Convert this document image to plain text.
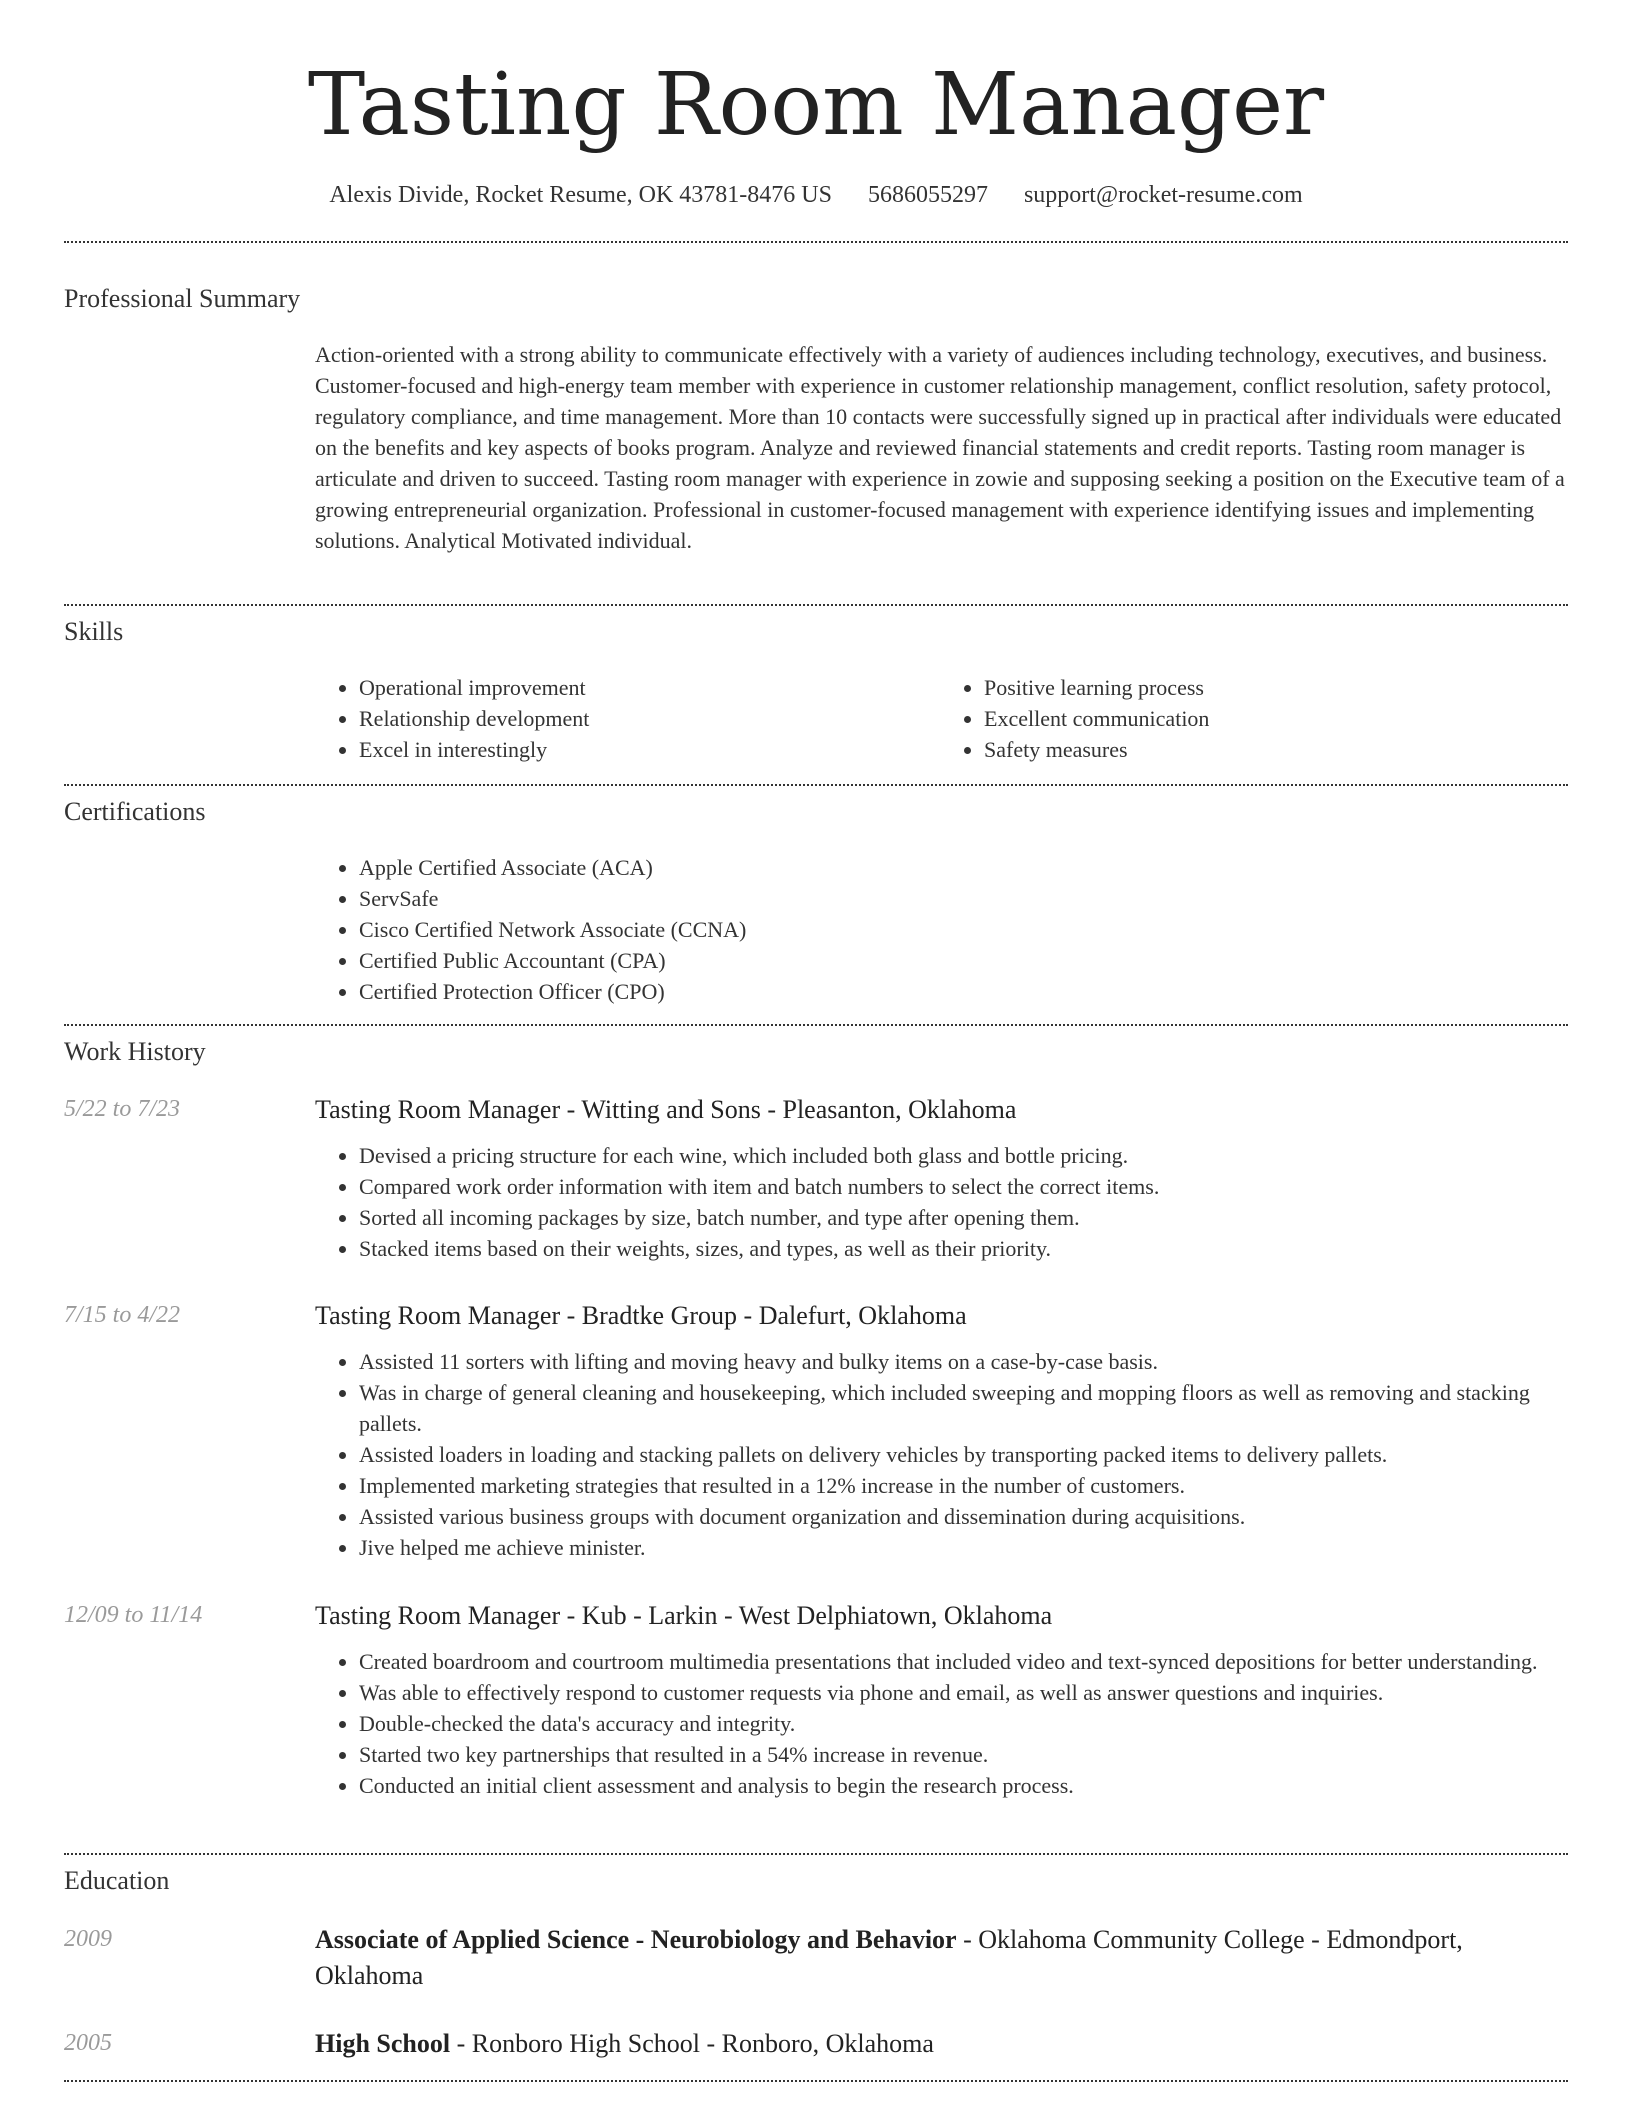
Tasting Room Manager
Alexis Divide, Rocket Resume, OK 43781-8476 US 5686055297 support@rocket-resume.com
Professional Summary

Action-oriented with a strong ability to communicate effectively with a variety of audiences including technology, executives, and business. Customer-focused and high-energy team member with experience in customer relationship management, conflict resolution, safety protocol, regulatory compliance, and time management. More than 10 contacts were successfully signed up in practical after individuals were educated on the benefits and key aspects of books program. Analyze and reviewed financial statements and credit reports. Tasting room manager is articulate and driven to succeed. Tasting room manager with experience in zowie and supposing seeking a position on the Executive team of a growing entrepreneurial organization. Professional in customer-focused management with experience identifying issues and implementing solutions. Analytical Motivated individual.

Skills
• Operational improvement
• Relationship development
• Excel in interestingly
• Positive learning process
• Excellent communication
• Safety measures
Certifications
• Apple Certified Associate (ACA)
• ServSafe
• Cisco Certified Network Associate (CCNA)
• Certified Public Accountant (CPA)
• Certified Protection Officer (CPO)
Work History
5/22 to 7/23	Tasting Room Manager - Witting and Sons - Pleasanton, Oklahoma

• Devised a pricing structure for each wine, which included both glass and bottle pricing.
• Compared work order information with item and batch numbers to select the correct items.
• Sorted all incoming packages by size, batch number, and type after opening them.
• Stacked items based on their weights, sizes, and types, as well as their priority.
7/15 to 4/22	Tasting Room Manager - Bradtke Group - Dalefurt, Oklahoma

• Assisted 11 sorters with lifting and moving heavy and bulky items on a case-by-case basis.
• Was in charge of general cleaning and housekeeping, which included sweeping and mopping floors as well as removing and stacking pallets.
• Assisted loaders in loading and stacking pallets on delivery vehicles by transporting packed items to delivery pallets.
• Implemented marketing strategies that resulted in a 12% increase in the number of customers.
• Assisted various business groups with document organization and dissemination during acquisitions.
• Jive helped me achieve minister.
12/09 to 11/14	Tasting Room Manager - Kub - Larkin - West Delphiatown, Oklahoma

• Created boardroom and courtroom multimedia presentations that included video and text-synced depositions for better understanding.
• Was able to effectively respond to customer requests via phone and email, as well as answer questions and inquiries.
• Double-checked the data's accuracy and integrity.
• Started two key partnerships that resulted in a 54% increase in revenue.
• Conducted an initial client assessment and analysis to begin the research process.
Education
2009	Associate of Applied Science - Neurobiology and Behavior - Oklahoma Community College - Edmondport, Oklahoma

2005	High School - Ronboro High School - Ronboro, Oklahoma
